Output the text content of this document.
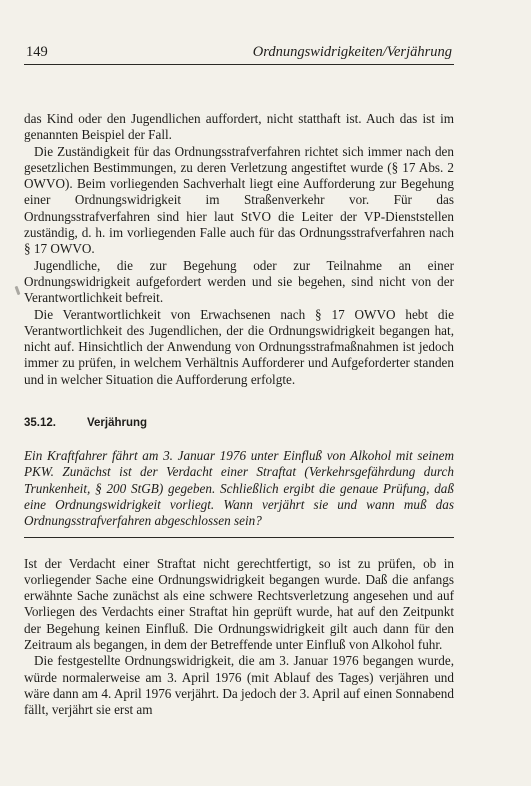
149	Ordnungswidrigkeiten/Verjährung

das Kind oder den Jugendlichen auffordert, nicht statthaft ist. Auch das ist im genannten Beispiel der Fall.

Die Zuständigkeit für das Ordnungsstrafverfahren richtet sich immer nach den gesetzlichen Bestimmungen, zu deren Verletzung angestiftet wurde (§ 17 Abs. 2 OWVO). Beim vorliegenden Sachverhalt liegt eine Aufforderung zur Begehung einer Ordnungswidrigkeit im Straßenverkehr vor. Für das Ordnungsstrafverfahren sind hier laut StVO die Leiter der VP-Dienststellen zuständig, d. h. im vorliegenden Falle auch für das Ordnungsstrafverfahren nach § 17 OWVO.

Jugendliche, die zur Begehung oder zur Teilnahme an einer Ordnungswidrigkeit aufgefordert werden und sie begehen, sind nicht von der Verantwortlichkeit befreit.

Die Verantwortlichkeit von Erwachsenen nach § 17 OWVO hebt die Verantwortlichkeit des Jugendlichen, der die Ordnungswidrigkeit begangen hat, nicht auf. Hinsichtlich der Anwendung von Ordnungsstrafmaßnahmen ist jedoch immer zu prüfen, in welchem Verhältnis Aufforderer und Aufgeforderter standen und in welcher Situation die Aufforderung erfolgte.

35.12.	Verjährung
Ein Kraftfahrer fährt am 3. Januar 1976 unter Einfluß von Alkohol mit seinem PKW. Zunächst ist der Verdacht einer Straftat (Verkehrsgefährdung durch Trunkenheit, § 200 StGB) gegeben. Schließlich ergibt die genaue Prüfung, daß eine Ordnungswidrigkeit vorliegt. Wann verjährt sie und wann muß das Ordnungsstrafverfahren abgeschlossen sein?

Ist der Verdacht einer Straftat nicht gerechtfertigt, so ist zu prüfen, ob in vorliegender Sache eine Ordnungswidrigkeit begangen wurde. Daß die anfangs erwähnte Sache zunächst als eine schwere Rechtsverletzung angesehen und auf Vorliegen des Verdachts einer Straftat hin geprüft wurde, hat auf den Zeitpunkt der Begehung keinen Einfluß. Die Ordnungswidrigkeit gilt auch dann für den Zeitraum als begangen, in dem der Betreffende unter Einfluß von Alkohol fuhr.

Die festgestellte Ordnungswidrigkeit, die am 3. Januar 1976 begangen wurde, würde normalerweise am 3. April 1976 (mit Ablauf des Tages) verjähren und wäre dann am 4. April 1976 verjährt. Da jedoch der 3. April auf einen Sonnabend fällt, verjährt sie erst am
